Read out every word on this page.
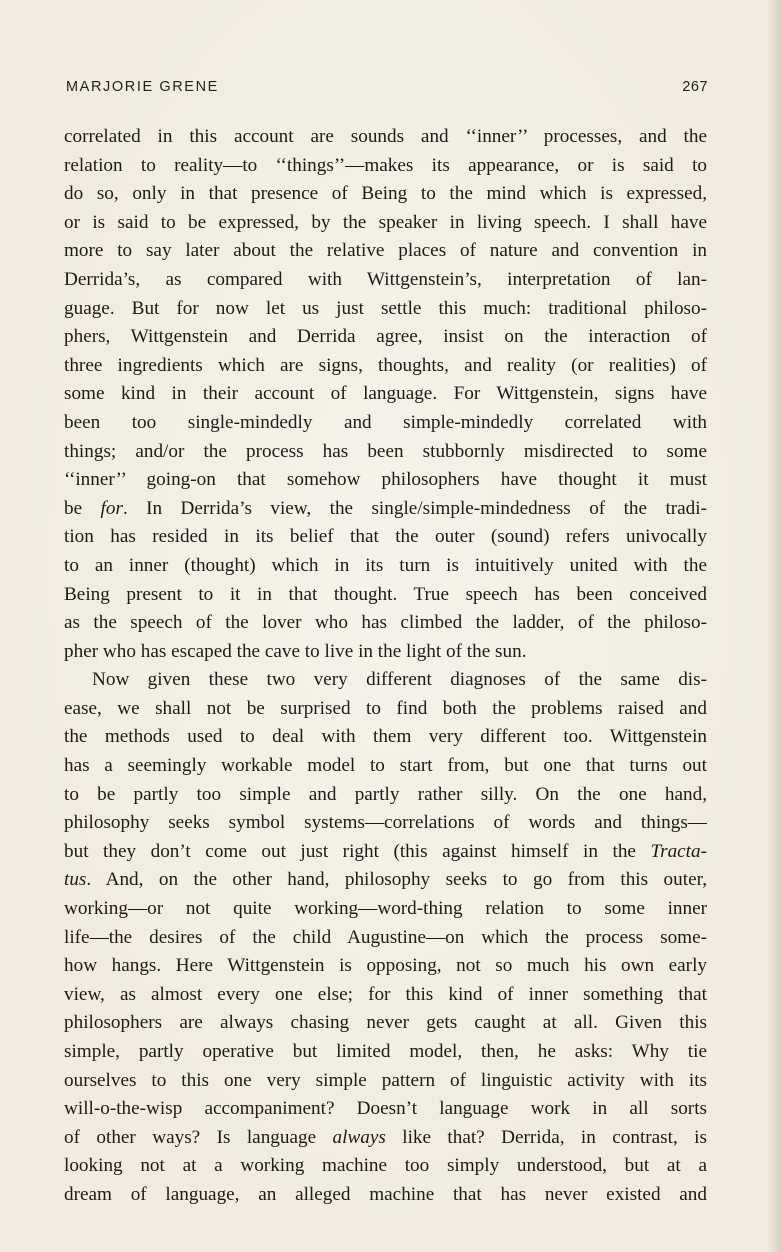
MARJORIE GRENE	267
correlated in this account are sounds and ‘‘inner’’ processes, and the
relation to reality—to ‘‘things’’—makes its appearance, or is said to
do so, only in that presence of Being to the mind which is expressed,
or is said to be expressed, by the speaker in living speech. I shall have
more to say later about the relative places of nature and convention in
Derrida’s, as compared with Wittgenstein’s, interpretation of lan-
guage. But for now let us just settle this much: traditional philoso-
phers, Wittgenstein and Derrida agree, insist on the interaction of
three ingredients which are signs, thoughts, and reality (or realities) of
some kind in their account of language. For Wittgenstein, signs have
been too single-mindedly and simple-mindedly correlated with
things; and/or the process has been stubbornly misdirected to some
‘‘inner’’ going-on that somehow philosophers have thought it must
be for. In Derrida’s view, the single/simple-mindedness of the tradi-
tion has resided in its belief that the outer (sound) refers univocally
to an inner (thought) which in its turn is intuitively united with the
Being present to it in that thought. True speech has been conceived
as the speech of the lover who has climbed the ladder, of the philoso-
pher who has escaped the cave to live in the light of the sun.
Now given these two very different diagnoses of the same dis-
ease, we shall not be surprised to find both the problems raised and
the methods used to deal with them very different too. Wittgenstein
has a seemingly workable model to start from, but one that turns out
to be partly too simple and partly rather silly. On the one hand,
philosophy seeks symbol systems—correlations of words and things—
but they don’t come out just right (this against himself in the Tracta-
tus. And, on the other hand, philosophy seeks to go from this outer,
working—or not quite working—word-thing relation to some inner
life—the desires of the child Augustine—on which the process some-
how hangs. Here Wittgenstein is opposing, not so much his own early
view, as almost every one else; for this kind of inner something that
philosophers are always chasing never gets caught at all. Given this
simple, partly operative but limited model, then, he asks: Why tie
ourselves to this one very simple pattern of linguistic activity with its
will-o-the-wisp accompaniment? Doesn’t language work in all sorts
of other ways? Is language always like that? Derrida, in contrast, is
looking not at a working machine too simply understood, but at a
dream of language, an alleged machine that has never existed and
